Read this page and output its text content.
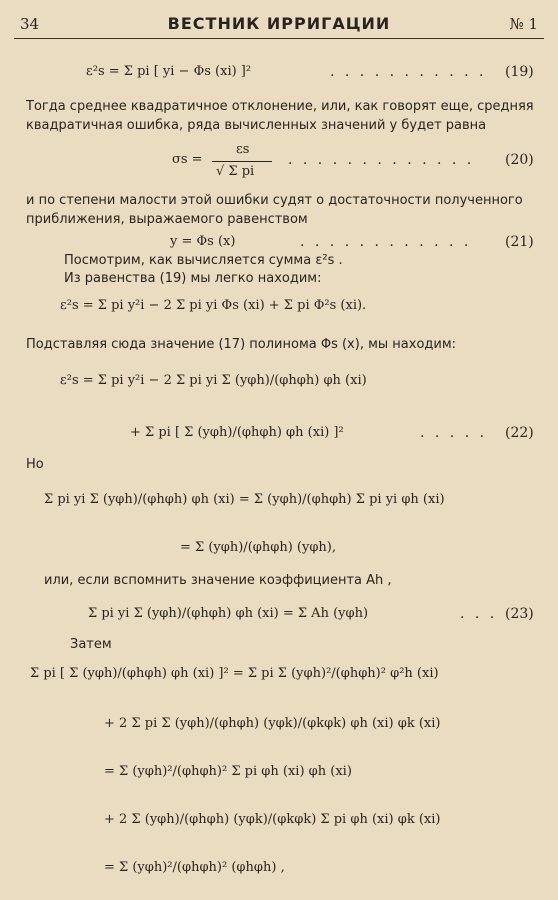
34	ВЕСТНИК ИРРИГАЦИИ	№ 1
ε²s = Σ pi [ yi − Φs (xi) ]²	. . . . . . . . . . . (19)
Тогда среднее квадратичное отклонение, или, как говорят еще, средняя
квадратичная ошибка, ряда вычисленных значений y будет равна
εs
σs =
√ Σ pi
. . . . . . . . . . . . . (20)
и по степени малости этой ошибки судят о достаточности полученного
приближения, выражаемого равенством
y = Φs (x)	. . . . . . . . . . . . (21)
Посмотрим, как вычисляется сумма ε²s .
Из равенства (19) мы легко находим:
ε²s = Σ pi y²i − 2 Σ pi yi Φs (xi) + Σ pi Φ²s (xi).
Подставляя сюда значение (17) полинома Φs (x), мы находим:
ε²s = Σ pi y²i − 2 Σ pi yi Σ (yφh)/(φhφh) φh (xi)
+ Σ pi [ Σ (yφh)/(φhφh) φh (xi) ]²	. . . . . (22)
Но
Σ pi yi Σ (yφh)/(φhφh) φh (xi) = Σ (yφh)/(φhφh) Σ pi yi φh (xi)
= Σ (yφh)/(φhφh) (yφh),
или, если вспомнить значение коэффициента Ah ,
Σ pi yi Σ (yφh)/(φhφh) φh (xi) = Σ Ah (yφh)	. . . (23)
Затем
Σ pi [ Σ (yφh)/(φhφh) φh (xi) ]² = Σ pi Σ (yφh)²/(φhφh)² φ²h (xi)
+ 2 Σ pi Σ (yφh)/(φhφh) (yφk)/(φkφk) φh (xi) φk (xi)
= Σ (yφh)²/(φhφh)² Σ pi φh (xi) φh (xi)
+ 2 Σ (yφh)/(φhφh) (yφk)/(φkφk) Σ pi φh (xi) φk (xi)
= Σ (yφh)²/(φhφh)² (φhφh) ,
